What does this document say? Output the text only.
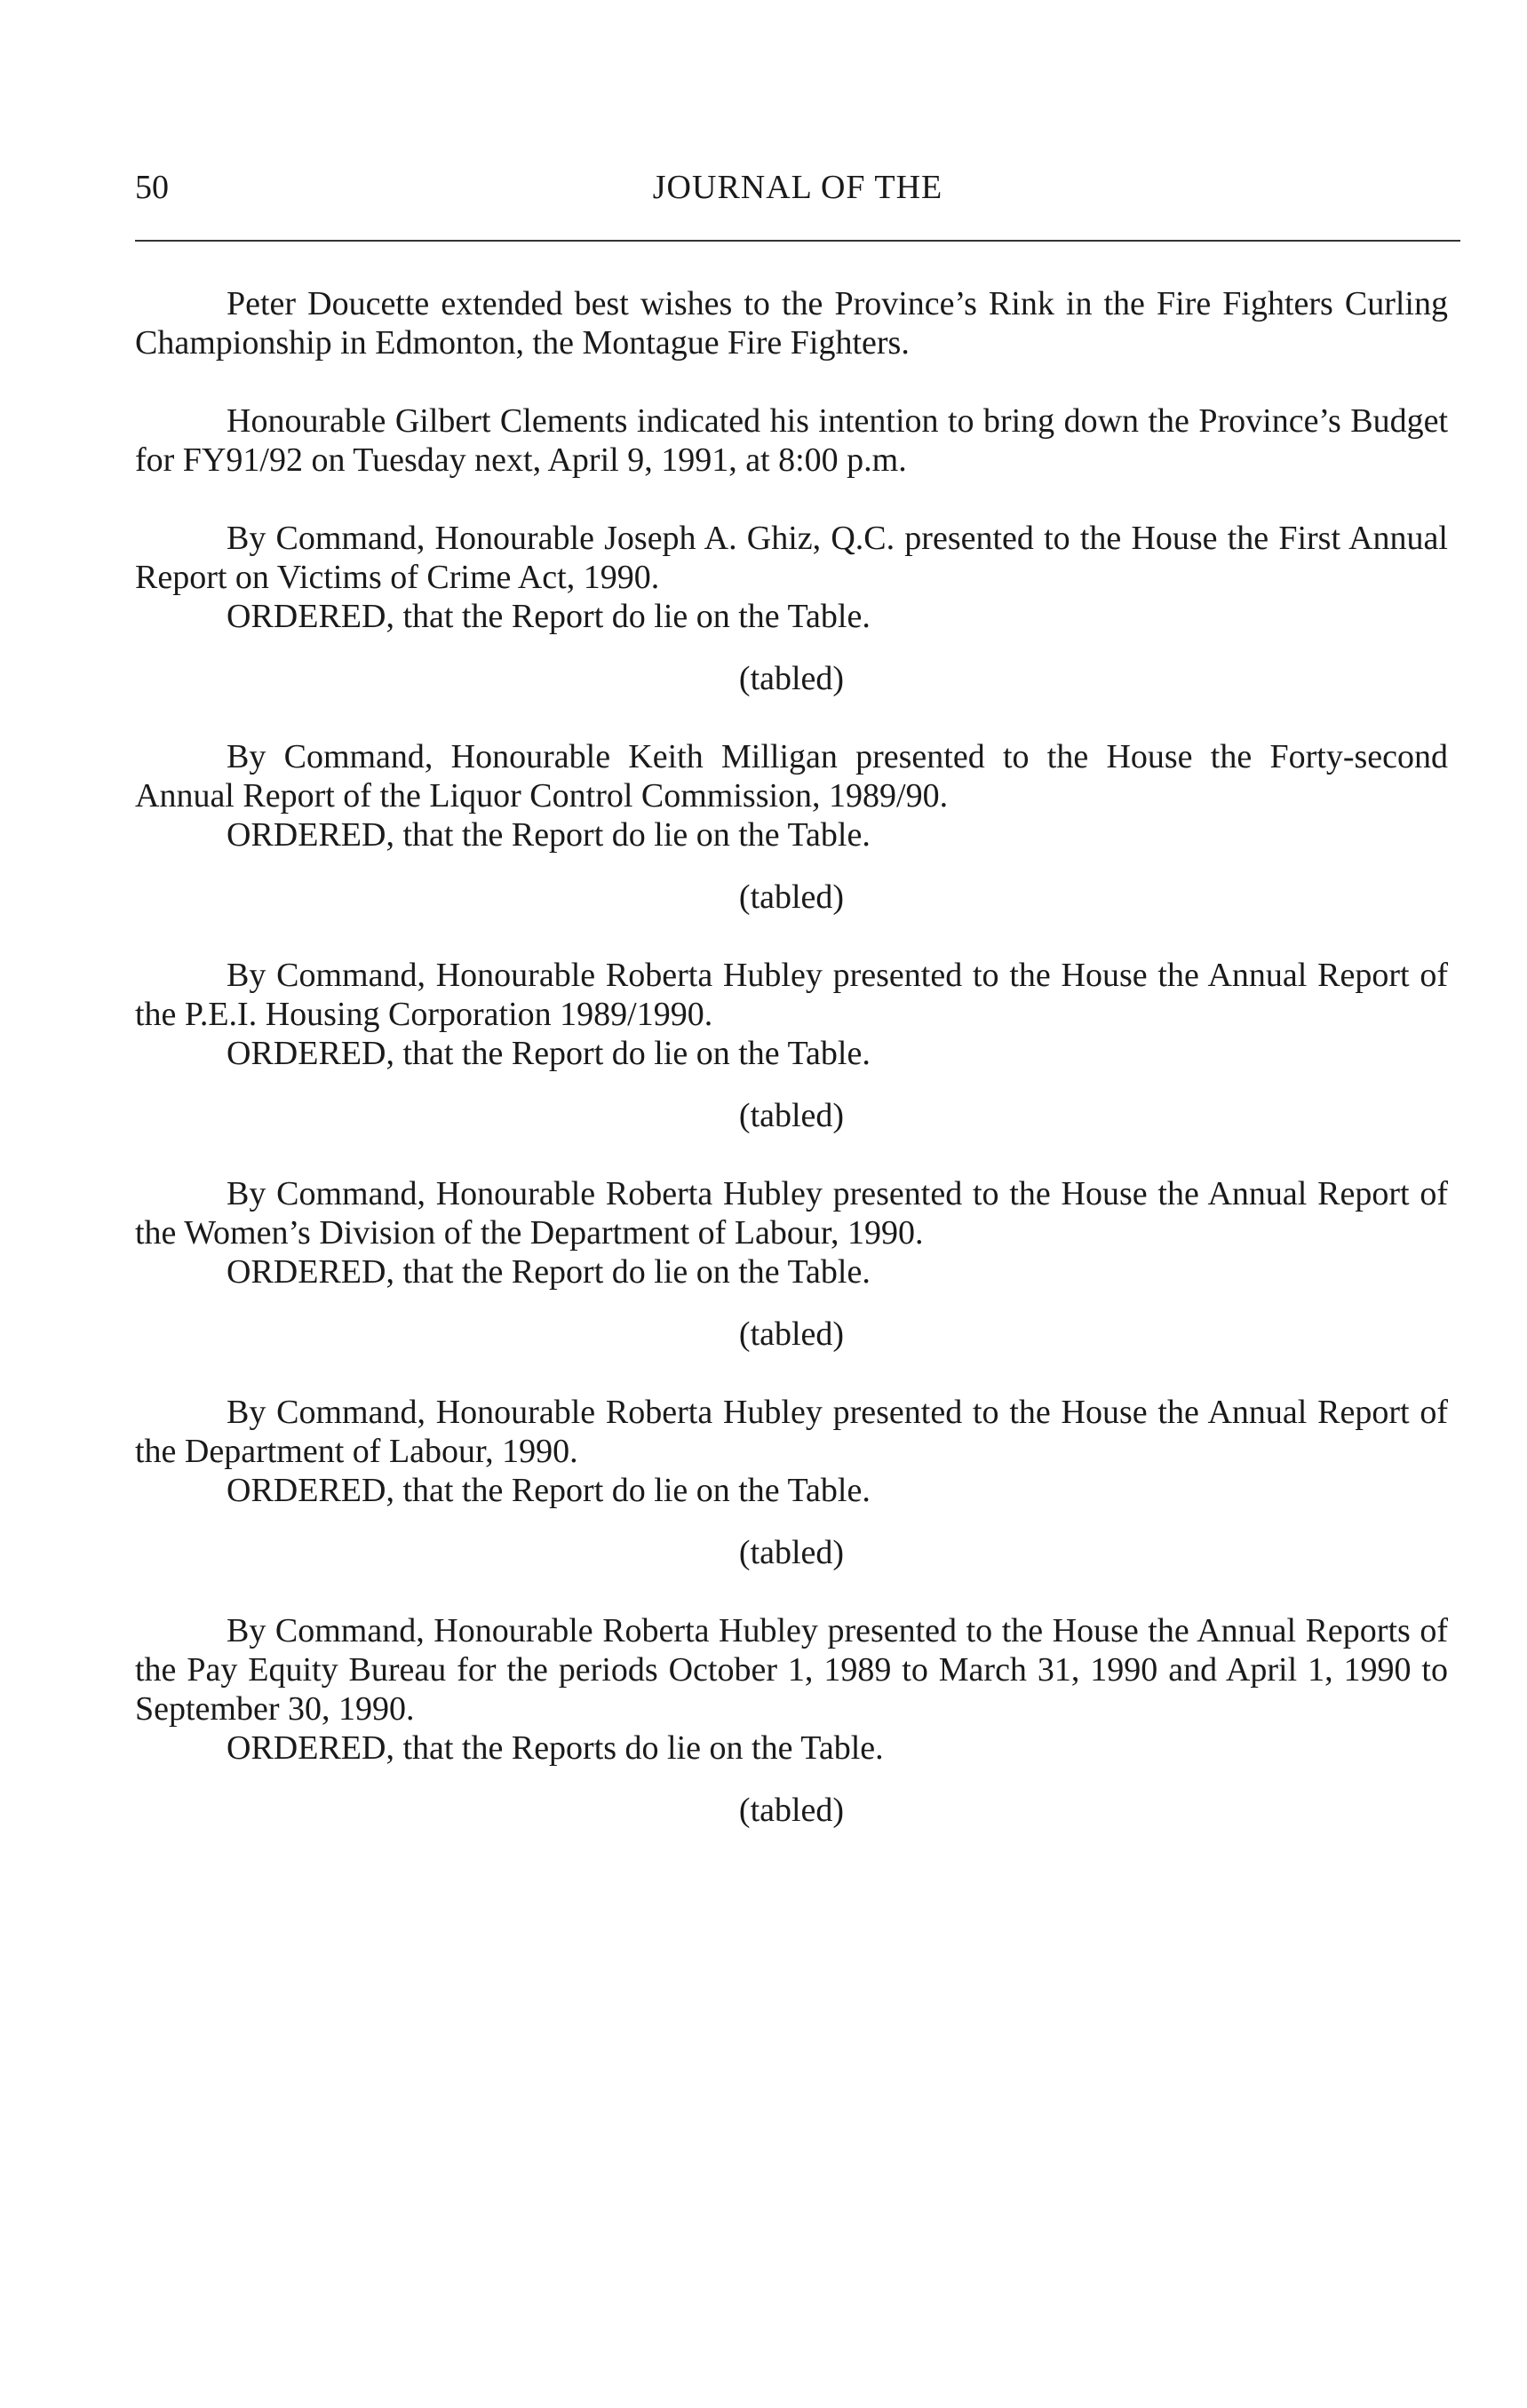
50	JOURNAL OF THE

Peter Doucette extended best wishes to the Province’s Rink in the Fire Fighters Curling Championship in Edmonton, the Montague Fire Fighters.

Honourable Gilbert Clements indicated his intention to bring down the Province’s Budget for FY91/92 on Tuesday next, April 9, 1991, at 8:00 p.m.

By Command, Honourable Joseph A. Ghiz, Q.C. presented to the House the First Annual Report on Victims of Crime Act, 1990.

ORDERED, that the Report do lie on the Table.

(tabled)

By Command, Honourable Keith Milligan presented to the House the Forty-second Annual Report of the Liquor Control Commission, 1989/90.

ORDERED, that the Report do lie on the Table.

(tabled)

By Command, Honourable Roberta Hubley presented to the House the Annual Report of the P.E.I. Housing Corporation 1989/1990.

ORDERED, that the Report do lie on the Table.

(tabled)

By Command, Honourable Roberta Hubley presented to the House the Annual Report of the Women’s Division of the Department of Labour, 1990.

ORDERED, that the Report do lie on the Table.

(tabled)

By Command, Honourable Roberta Hubley presented to the House the Annual Report of the Department of Labour, 1990.

ORDERED, that the Report do lie on the Table.

(tabled)

By Command, Honourable Roberta Hubley presented to the House the Annual Reports of the Pay Equity Bureau for the periods October 1, 1989 to March 31, 1990 and April 1, 1990 to September 30, 1990.

ORDERED, that the Reports do lie on the Table.

(tabled)
